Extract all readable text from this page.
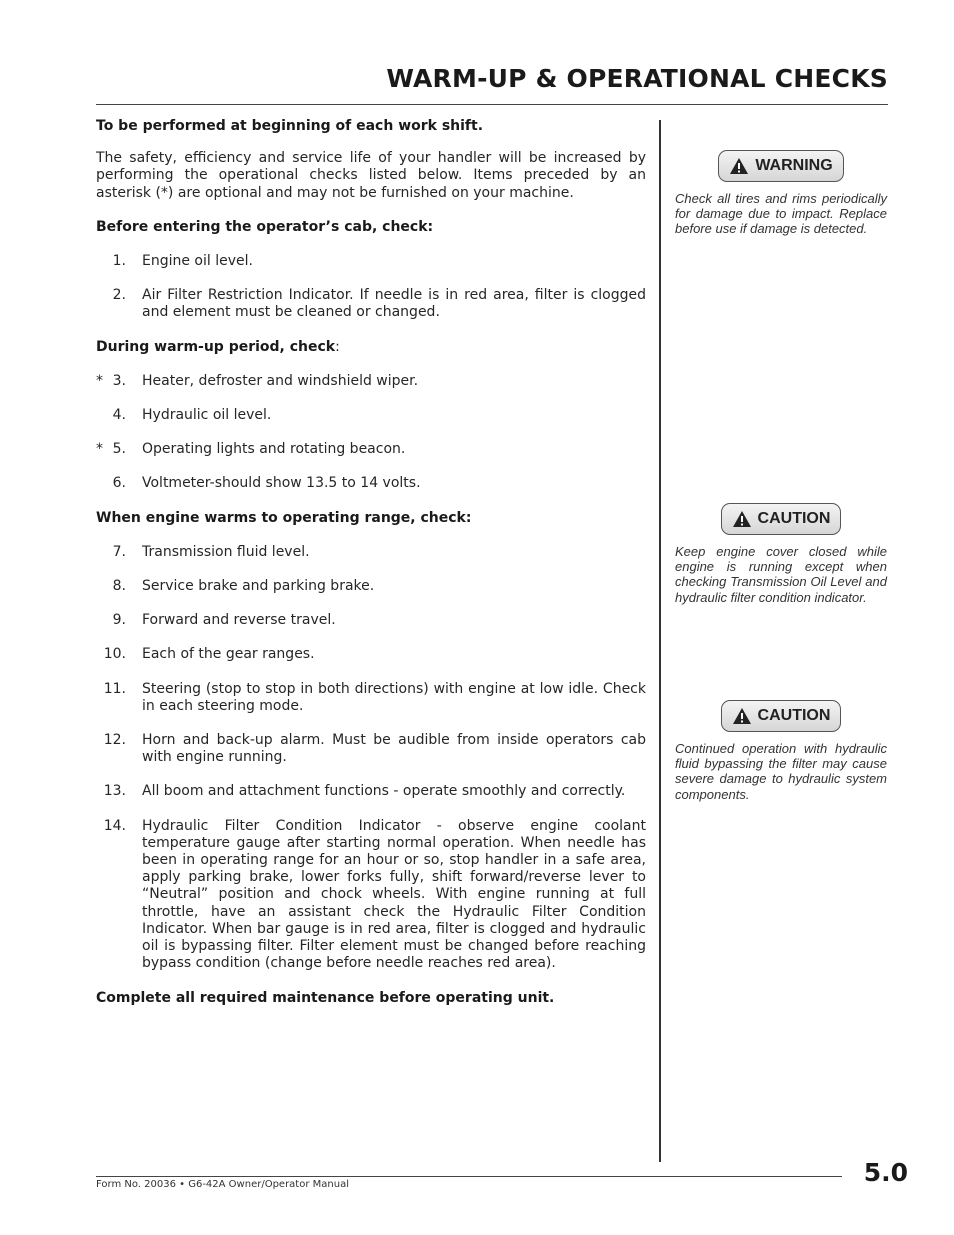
WARM-UP & OPERATIONAL CHECKS

To be performed at beginning of each work shift.

The safety, efficiency and service life of your handler will be increased by performing the operational checks listed below. Items preceded by an asterisk (*) are optional and may not be furnished on your machine.

Before entering the operator’s cab, check:

1. Engine oil level.
2. Air Filter Restriction Indicator. If needle is in red area, filter is clogged and element must be cleaned or changed.

During warm-up period, check:

* 3. Heater, defroster and windshield wiper.
4. Hydraulic oil level.
* 5. Operating lights and rotating beacon.
6. Voltmeter-should show 13.5 to 14 volts.

When engine warms to operating range, check:

7. Transmission fluid level.
8. Service brake and parking brake.
9. Forward and reverse travel.
10. Each of the gear ranges.
11. Steering (stop to stop in both directions) with engine at low idle. Check in each steering mode.
12. Horn and back-up alarm. Must be audible from inside operators cab with engine running.
13. All boom and attachment functions - operate smoothly and correctly.
14. Hydraulic Filter Condition Indicator - observe engine coolant temperature gauge after starting normal operation. When needle has been in operating range for an hour or so, stop handler in a safe area, apply parking brake, lower forks fully, shift forward/reverse lever to “Neutral” position and chock wheels. With engine running at full throttle, have an assistant check the Hydraulic Filter Condition Indicator. When bar gauge is in red area, filter is clogged and hydraulic oil is bypassing filter. Filter element must be changed before reaching bypass condition (change before needle reaches red area).

Complete all required maintenance before operating unit.

WARNING
Check all tires and rims periodically for damage due to impact. Replace before use if damage is detected.
CAUTION
Keep engine cover closed while engine is running except when checking Transmission Oil Level and hydraulic filter condition indicator.
CAUTION
Continued operation with hydraulic fluid bypassing the filter may cause severe damage to hydraulic system components.
Form No. 20036 • G6-42A Owner/Operator Manual	5.0
